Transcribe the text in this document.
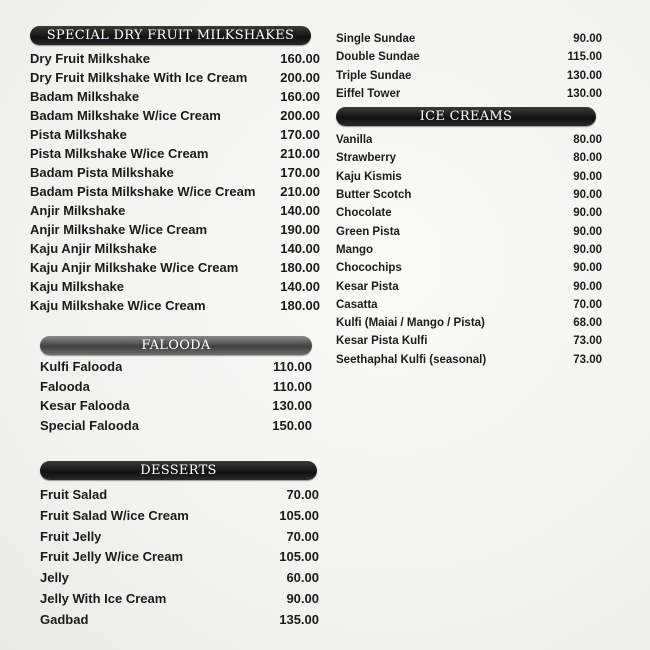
SPECIAL DRY FRUIT MILKSHAKES
Dry Fruit Milkshake	160.00
Dry Fruit Milkshake With Ice Cream	200.00
Badam Milkshake	160.00
Badam Milkshake W/ice Cream	200.00
Pista Milkshake	170.00
Pista Milkshake W/ice Cream	210.00
Badam Pista Milkshake	170.00
Badam Pista Milkshake W/ice Cream	210.00
Anjir Milkshake	140.00
Anjir Milkshake W/ice Cream	190.00
Kaju Anjir Milkshake	140.00
Kaju Anjir Milkshake W/ice Cream	180.00
Kaju Milkshake	140.00
Kaju Milkshake W/ice Cream	180.00
FALOODA
Kulfi Falooda	110.00
Falooda	110.00
Kesar Falooda	130.00
Special Falooda	150.00
DESSERTS
Fruit Salad	70.00
Fruit Salad W/ice Cream	105.00
Fruit Jelly	70.00
Fruit Jelly W/ice Cream	105.00
Jelly	60.00
Jelly With Ice Cream	90.00
Gadbad	135.00
Single Sundae	90.00
Double Sundae	115.00
Triple Sundae	130.00
Eiffel Tower	130.00
ICE CREAMS
Vanilla	80.00
Strawberry	80.00
Kaju Kismis	90.00
Butter Scotch	90.00
Chocolate	90.00
Green Pista	90.00
Mango	90.00
Chocochips	90.00
Kesar Pista	90.00
Casatta	70.00
Kulfi (Maiai / Mango / Pista)	68.00
Kesar Pista Kulfi	73.00
Seethaphal Kulfi (seasonal)	73.00
